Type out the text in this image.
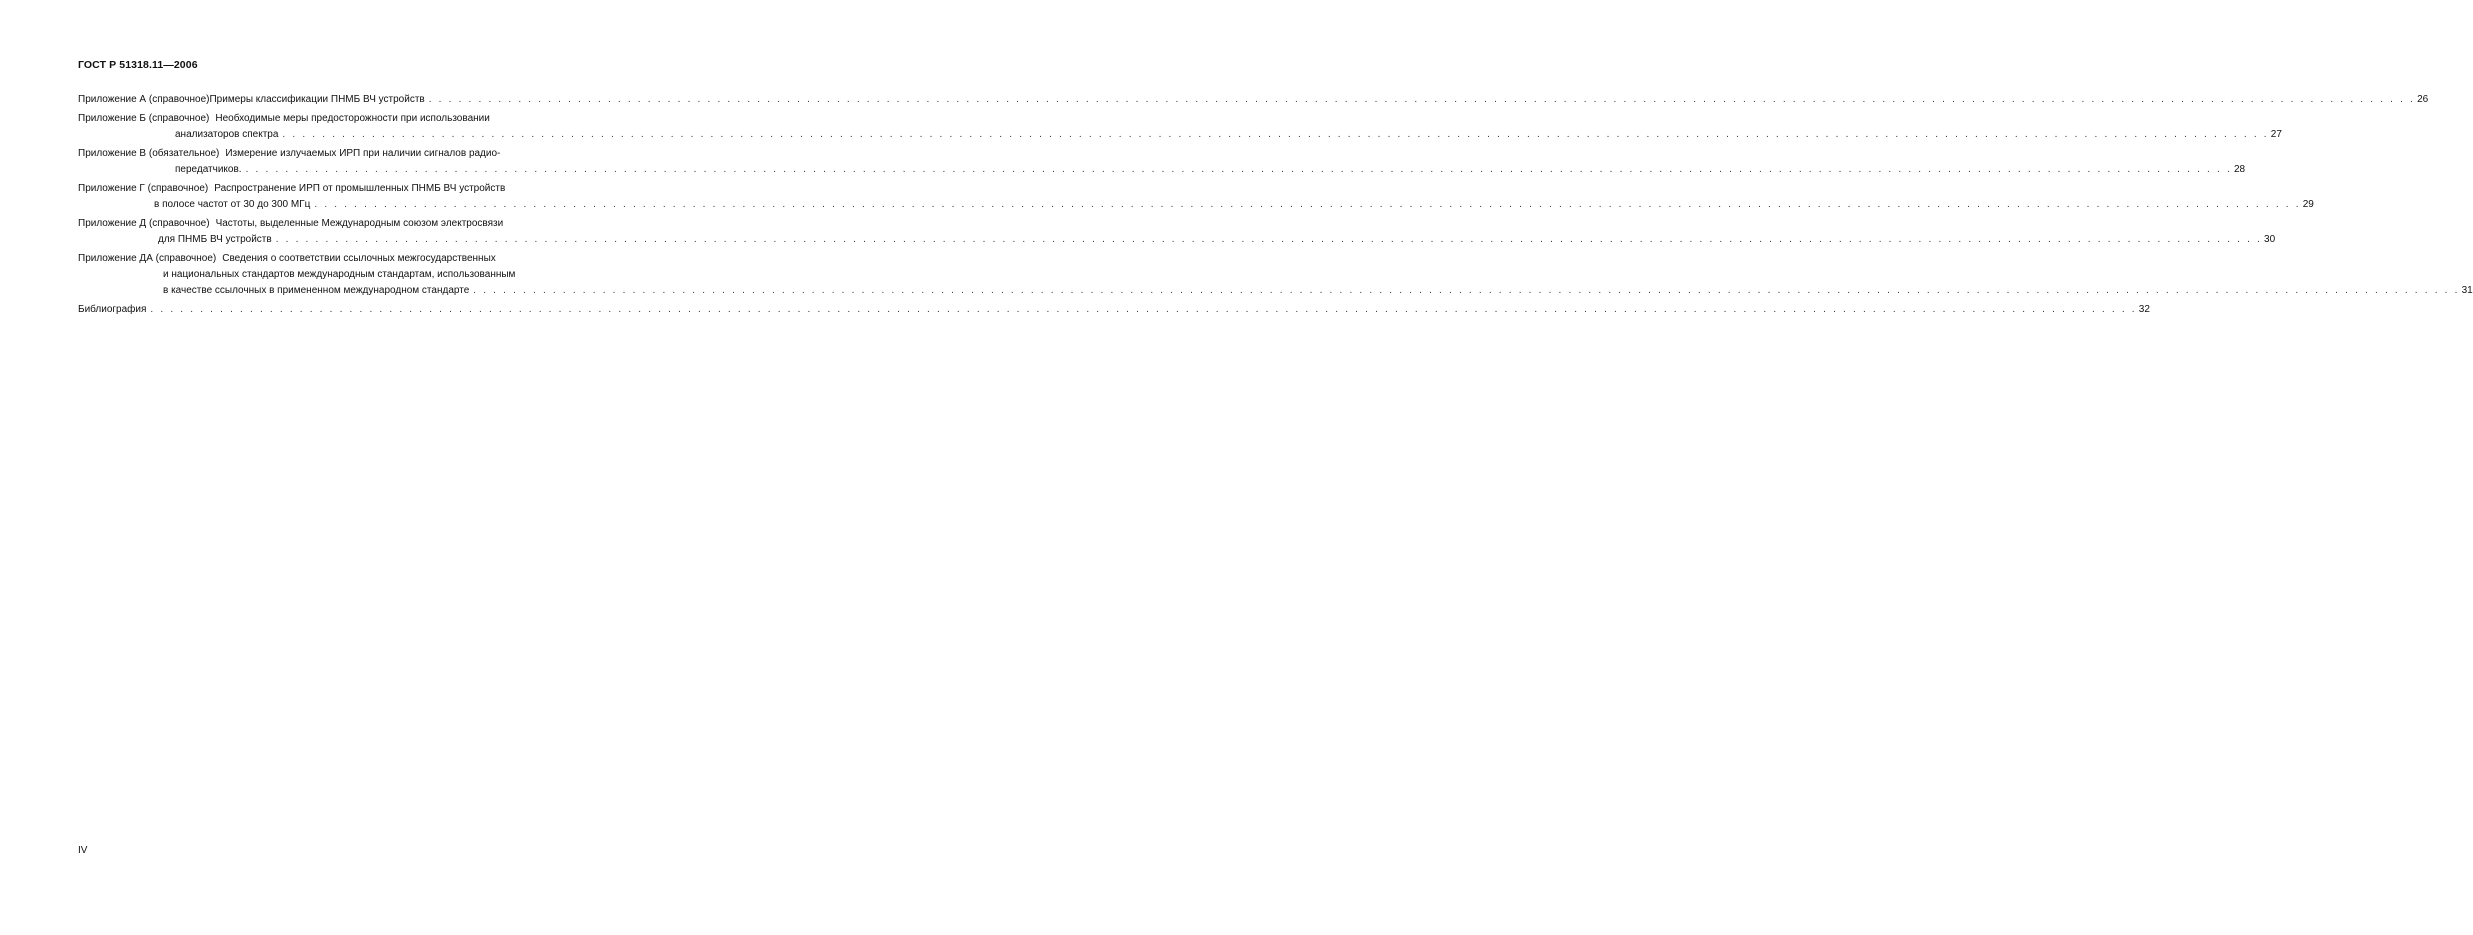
ГОСТ Р 51318.11—2006
Приложение А (справочное) Примеры классификации ПНМБ ВЧ устройств . . . . . . . . . . . . . . . . . . . . . . . . . . . . . . . . . . . . . . . . . . . . . . . . . . . . . . . . . . . . . . . . . . . . . . . . . . . . . . . . . . . . . . . . . . . . . . . . . . . . . . . . . . . . . . . . . . . . . . . . . . . . . . . . . . . . . . . . . . . . . . . . . . . . . . . . . . . . . . . . . . . . . . . . . . . . . . . . . . . . . . . . . . . . . . . . . . . . . . . . 26
Приложение Б (справочное) Необходимые меры предосторожности при использовании
анализаторов спектра . . . . . . . . . . . . . . . . . . . . . . . . . . . . . . . . . . . . . . . . . . . . . . . . . . . . . . . . . . . . . . . . . . . . . . . . . . . . . . . . . . . . . . . . . . . . . . . . . . . . . . . . . . . . . . . . . . . . . . . . . . . . . . . . . . . . . . . . . . . . . . . . . . . . . . . . . . . . . . . . . . . . . . . . . . . . . . . . . . . . . . . . . . . . . . . . . . . . . . . . 27
Приложение В (обязательное) Измерение излучаемых ИРП при наличии сигналов радио-
передатчиков. . . . . . . . . . . . . . . . . . . . . . . . . . . . . . . . . . . . . . . . . . . . . . . . . . . . . . . . . . . . . . . . . . . . . . . . . . . . . . . . . . . . . . . . . . . . . . . . . . . . . . . . . . . . . . . . . . . . . . . . . . . . . . . . . . . . . . . . . . . . . . . . . . . . . . . . . . . . . . . . . . . . . . . . . . . . . . . . . . . . . . . . . . . . . . . . . . . . . . . . . 28
Приложение Г (справочное) Распространение ИРП от промышленных ПНМБ ВЧ устройств
в полосе частот от 30 до 300 МГц . . . . . . . . . . . . . . . . . . . . . . . . . . . . . . . . . . . . . . . . . . . . . . . . . . . . . . . . . . . . . . . . . . . . . . . . . . . . . . . . . . . . . . . . . . . . . . . . . . . . . . . . . . . . . . . . . . . . . . . . . . . . . . . . . . . . . . . . . . . . . . . . . . . . . . . . . . . . . . . . . . . . . . . . . . . . . . . . . . . . . . . . . . . . . . . . . . . . . . . . 29
Приложение Д (справочное) Частоты, выделенные Международным союзом электросвязи
для ПНМБ ВЧ устройств . . . . . . . . . . . . . . . . . . . . . . . . . . . . . . . . . . . . . . . . . . . . . . . . . . . . . . . . . . . . . . . . . . . . . . . . . . . . . . . . . . . . . . . . . . . . . . . . . . . . . . . . . . . . . . . . . . . . . . . . . . . . . . . . . . . . . . . . . . . . . . . . . . . . . . . . . . . . . . . . . . . . . . . . . . . . . . . . . . . . . . . . . . . . . . . . . . . . . . . . 30
Приложение ДА (справочное) Сведения о соответствии ссылочных межгосударственных
и национальных стандартов международным стандартам, использованным
в качестве ссылочных в примененном международном стандарте . . . . . . . . . . . . . . . . . . . . . . . . . . . . . . . . . . . . . . . . . . . . . . . . . . . . . . . . . . . . . . . . . . . . . . . . . . . . . . . . . . . . . . . . . . . . . . . . . . . . . . . . . . . . . . . . . . . . . . . . . . . . . . . . . . . . . . . . . . . . . . . . . . . . . . . . . . . . . . . . . . . . . . . . . . . . . . . . . . . . . . . . . . . . . . . . . . . . . . . . 31
Библиография . . . . . . . . . . . . . . . . . . . . . . . . . . . . . . . . . . . . . . . . . . . . . . . . . . . . . . . . . . . . . . . . . . . . . . . . . . . . . . . . . . . . . . . . . . . . . . . . . . . . . . . . . . . . . . . . . . . . . . . . . . . . . . . . . . . . . . . . . . . . . . . . . . . . . . . . . . . . . . . . . . . . . . . . . . . . . . . . . . . . . . . . . . . . . . . . . . . . . . . . 32
IV
